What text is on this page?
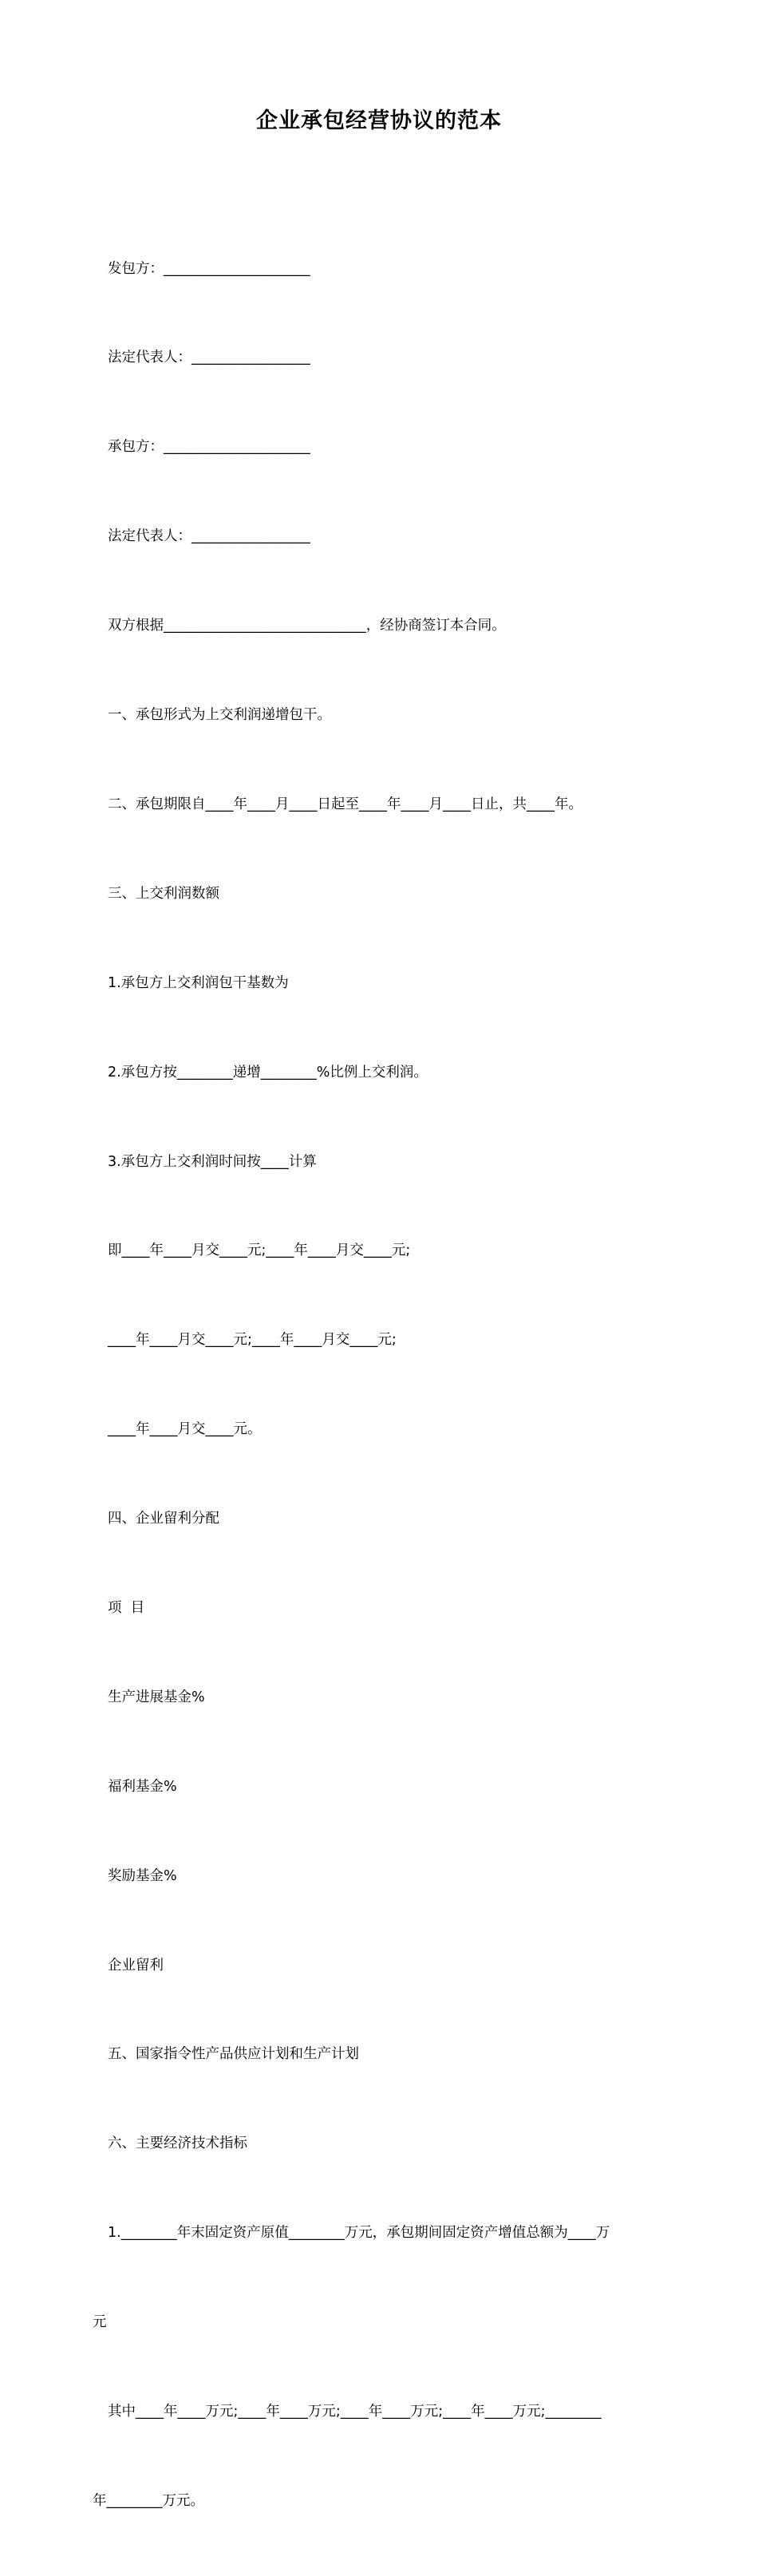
企业承包经营协议的范本

发包方：_____________________

法定代表人：_________________

承包方：_____________________

法定代表人：_________________

双方根据_____________________________，经协商签订本合同。

一、承包形式为上交利润递增包干。

二、承包期限自____年____月____日起至____年____月____日止，共____年。

三、上交利润数额

1.承包方上交利润包干基数为

2.承包方按________递增________%比例上交利润。

3.承包方上交利润时间按____计算

即____年____月交____元;____年____月交____元;

____年____月交____元;____年____月交____元;

____年____月交____元。

四、企业留利分配

项  目

生产进展基金%

福利基金%

奖励基金%

企业留利

五、国家指令性产品供应计划和生产计划

六、主要经济技术指标

1.________年末固定资产原值________万元，承包期间固定资产增值总额为____万

元

其中____年____万元;____年____万元;____年____万元;____年____万元;________

年________万元。
